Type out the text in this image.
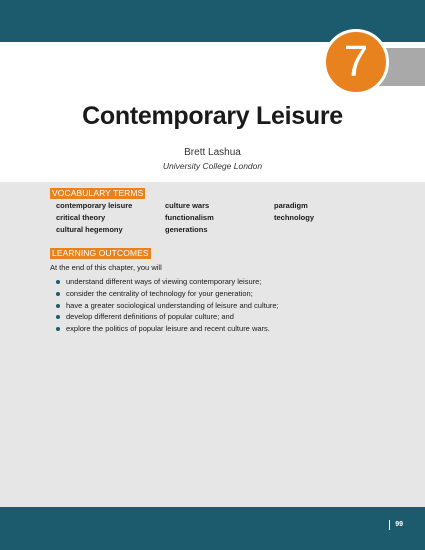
7
Contemporary Leisure
Brett Lashua
University College London
VOCABULARY TERMS
contemporary leisure
critical theory
cultural hegemony
culture wars
functionalism
generations
paradigm
technology
LEARNING OUTCOMES
At the end of this chapter, you will
understand different ways of viewing contemporary leisure;
consider the centrality of technology for your generation;
have a greater sociological understanding of leisure and culture;
develop different definitions of popular culture; and
explore the politics of popular leisure and recent culture wars.
99
